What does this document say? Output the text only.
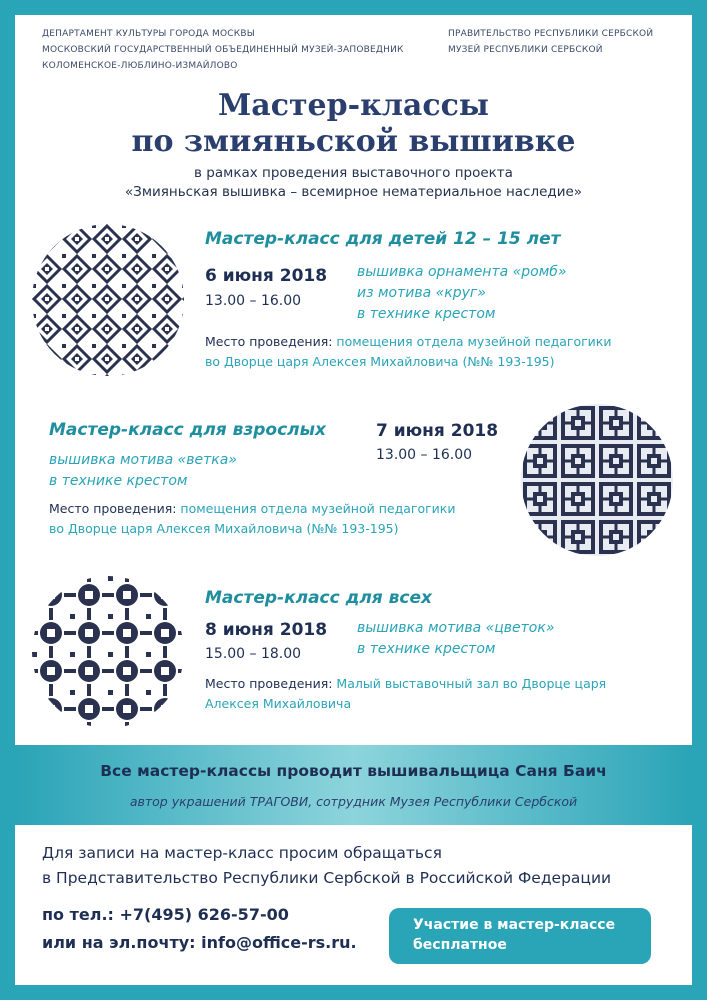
ДЕПАРТАМЕНТ КУЛЬТУРЫ ГОРОДА МОСКВЫ
МОСКОВСКИЙ ГОСУДАРСТВЕННЫЙ ОБЪЕДИНЕННЫЙ МУЗЕЙ-ЗАПОВЕДНИК
КОЛОМЕНСКОЕ-ЛЮБЛИНО-ИЗМАЙЛОВО
ПРАВИТЕЛЬСТВО РЕСПУБЛИКИ СЕРБСКОЙ
МУЗЕЙ РЕСПУБЛИКИ СЕРБСКОЙ
Мастер-классы
по змияньской вышивке
в рамках проведения выставочного проекта
«Змияньская вышивка – всемирное нематериальное наследие»
Мастер-класс для детей 12 – 15 лет
6 июня 2018
13.00 – 16.00
вышивка орнамента «ромб»
из мотива «круг»
в технике крестом
Место проведения: помещения отдела музейной педагогики
во Дворце царя Алексея Михайловича (№№ 193-195)
Мастер-класс для взрослых	7 июня 2018
13.00 – 16.00
вышивка мотива «ветка»
в технике крестом
Место проведения: помещения отдела музейной педагогики
во Дворце царя Алексея Михайловича (№№ 193-195)
Мастер-класс для всех
8 июня 2018
15.00 – 18.00
вышивка мотива «цветок»
в технике крестом
Место проведения: Малый выставочный зал во Дворце царя
Алексея Михайловича
Все мастер-классы проводит вышивальщица Саня Баич
автор украшений ТРАГОВИ, сотрудник Музея Республики Сербской
Для записи на мастер-класс просим обращаться
в Представительство Республики Сербской в Российской Федерации
по тел.: +7(495) 626-57-00
или на эл.почту: info@office-rs.ru.
Участие в мастер-классе
бесплатное
